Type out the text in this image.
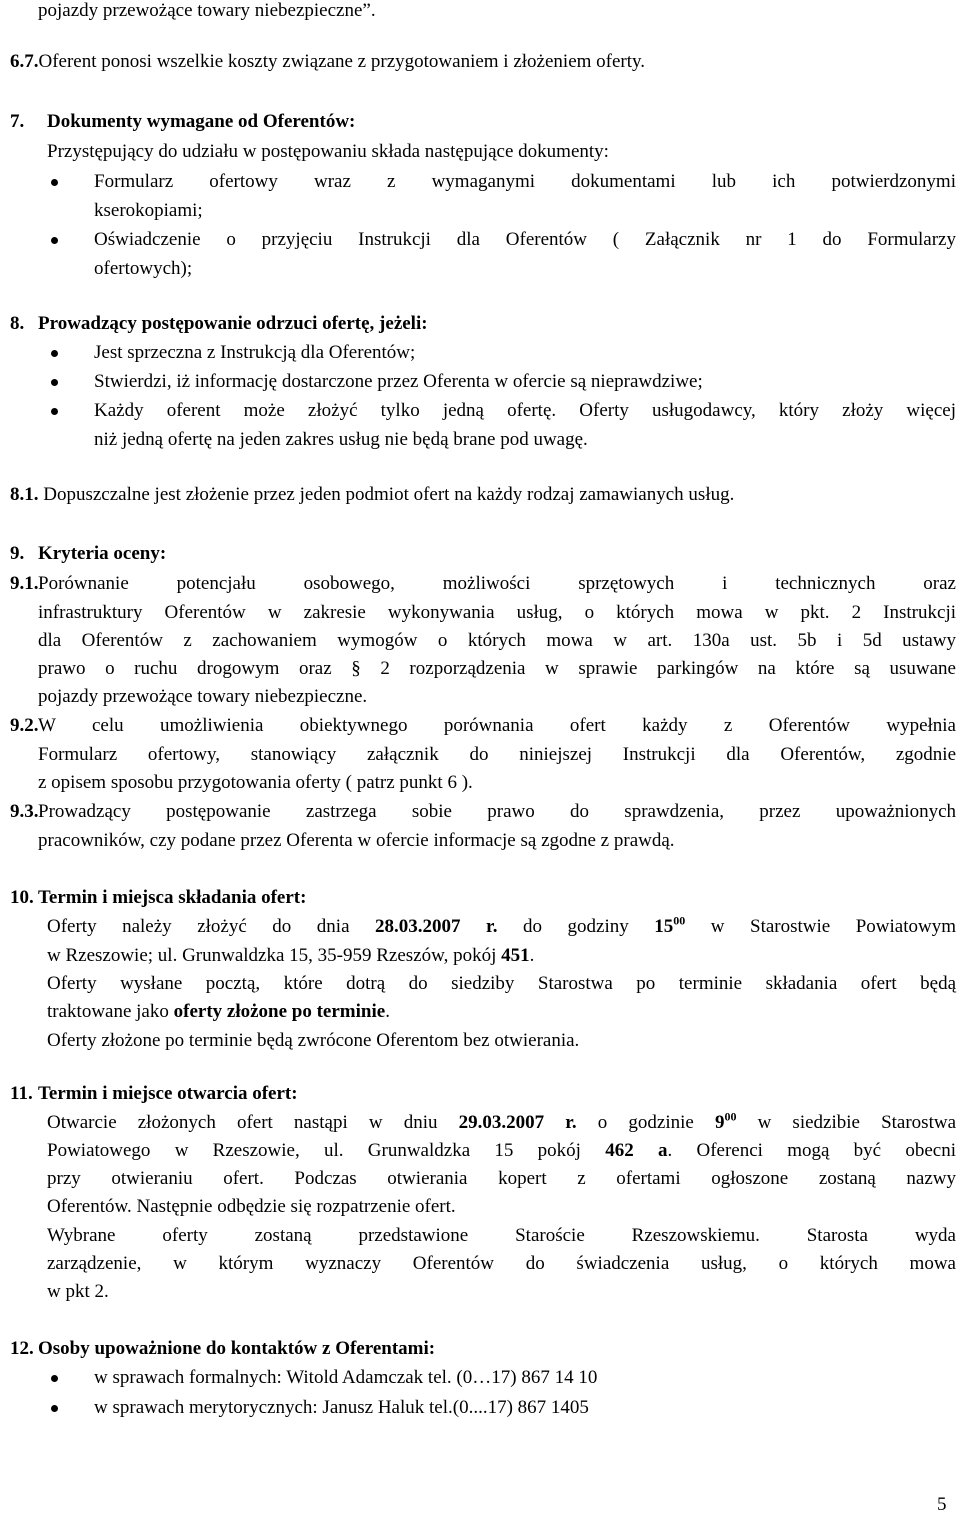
pojazdy przewożące towary niebezpieczne”.
6.7.Oferent ponosi wszelkie koszty związane z przygotowaniem i złożeniem oferty.
7. Dokumenty wymagane od Oferentów:
Przystępujący do udziału w postępowaniu składa następujące dokumenty:
Formularz ofertowy wraz z wymaganymi dokumentami lub ich potwierdzonymi
kserokopiami;
Oświadczenie o przyjęciu Instrukcji dla Oferentów ( Załącznik nr 1 do Formularzy
ofertowych);
8. Prowadzący postępowanie odrzuci ofertę, jeżeli:
Jest sprzeczna z Instrukcją dla Oferentów;
Stwierdzi, iż informację dostarczone przez Oferenta w ofercie są nieprawdziwe;
Każdy oferent może złożyć tylko jedną ofertę. Oferty usługodawcy, który złoży więcej
niż jedną ofertę na jeden zakres usług nie będą brane pod uwagę.
8.1. Dopuszczalne jest złożenie przez jeden podmiot ofert na każdy rodzaj zamawianych usług.
9. Kryteria oceny:
9.1. Porównanie potencjału osobowego, możliwości sprzętowych i technicznych oraz
infrastruktury Oferentów w zakresie wykonywania usług, o których mowa w pkt. 2 Instrukcji
dla Oferentów z zachowaniem wymogów o których mowa w art. 130a ust. 5b i 5d ustawy
prawo o ruchu drogowym oraz § 2 rozporządzenia w sprawie parkingów na które są usuwane
pojazdy przewożące towary niebezpieczne.
9.2. W celu umożliwienia obiektywnego porównania ofert każdy z Oferentów wypełnia
Formularz ofertowy, stanowiący załącznik do niniejszej Instrukcji dla Oferentów, zgodnie
z opisem sposobu przygotowania oferty ( patrz punkt 6 ).
9.3. Prowadzący postępowanie zastrzega sobie prawo do sprawdzenia, przez upoważnionych
pracowników, czy podane przez Oferenta w ofercie informacje są zgodne z prawdą.
10. Termin i miejsca składania ofert:
Oferty należy złożyć do dnia 28.03.2007 r. do godziny $15^{00}$ w Starostwie Powiatowym
w Rzeszowie; ul. Grunwaldzka 15, 35-959 Rzeszów, pokój 451.
Oferty wysłane pocztą, które dotrą do siedziby Starostwa po terminie składania ofert będą
traktowane jako oferty złożone po terminie.
Oferty złożone po terminie będą zwrócone Oferentom bez otwierania.
11. Termin i miejsce otwarcia ofert:
Otwarcie złożonych ofert nastąpi w dniu 29.03.2007 r. o godzinie $9^{00}$ w siedzibie Starostwa
Powiatowego w Rzeszowie, ul. Grunwaldzka 15 pokój 462 a. Oferenci mogą być obecni
przy otwieraniu ofert. Podczas otwierania kopert z ofertami ogłoszone zostaną nazwy
Oferentów. Następnie odbędzie się rozpatrzenie ofert.
Wybrane oferty zostaną przedstawione Staroście Rzeszowskiemu. Starosta wyda
zarządzenie, w którym wyznaczy Oferentów do świadczenia usług, o których mowa
w pkt 2.
12. Osoby upoważnione do kontaktów z Oferentami:
w sprawach formalnych: Witold Adamczak tel. (0…17) 867 14 10
w sprawach merytorycznych: Janusz Haluk tel.(0....17) 867 1405
5
